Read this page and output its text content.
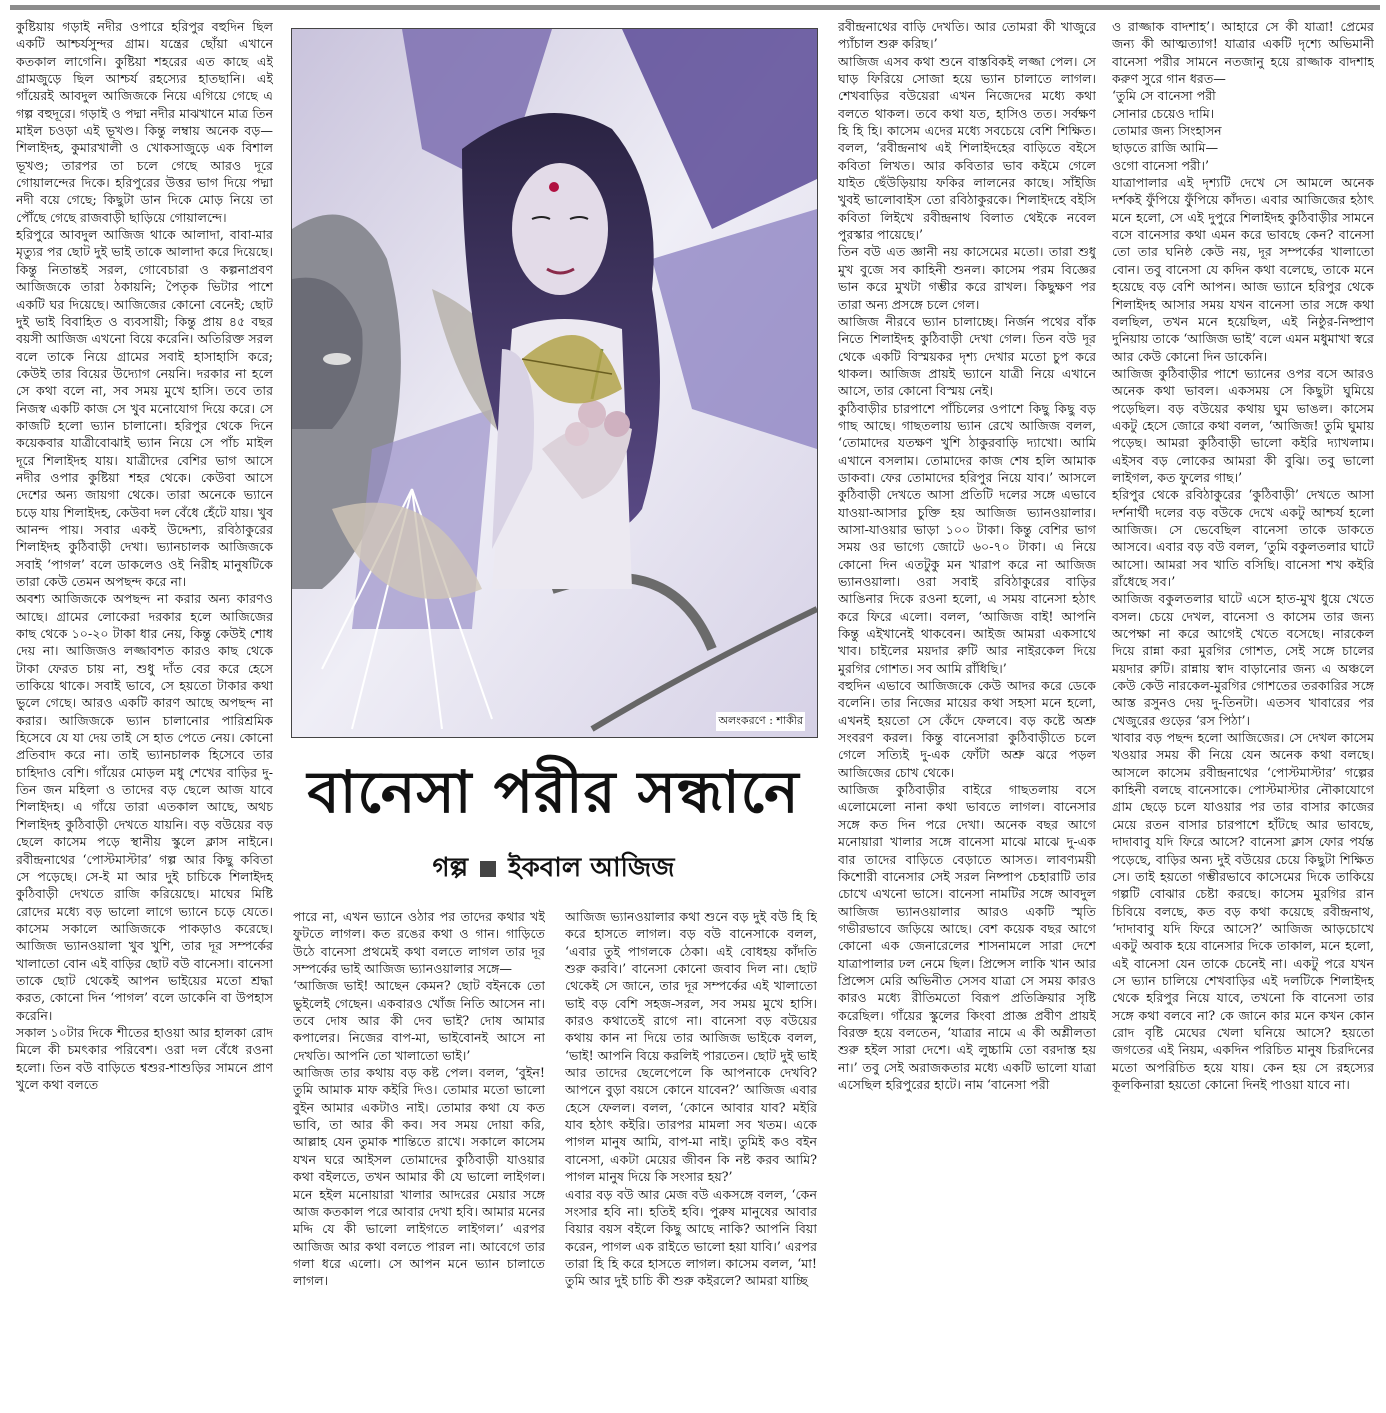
কুষ্টিয়ায় গড়াই নদীর ওপারে হরিপুর বহুদিন ছিল একটি আশ্চর্যসুন্দর গ্রাম। যন্ত্রের ছোঁয়া এখানে কতকাল লাগেনি। কুষ্টিয়া শহরের এত কাছে এই গ্রামজুড়ে ছিল আশ্চর্য রহস্যের হাতছানি। এই গাঁয়েরই আবদুল আজিজকে নিয়ে এগিয়ে গেছে এ গল্প বহুদূরে। গড়াই ও পদ্মা নদীর মাঝখানে মাত্র তিন মাইল চওড়া এই ভূখণ্ড। কিন্তু লম্বায় অনেক বড়— শিলাইদহ, কুমারখালী ও খোকসাজুড়ে এক বিশাল ভূখণ্ড; তারপর তা চলে গেছে আরও দূরে গোয়ালন্দের দিকে। হরিপুরের উত্তর ভাগ দিয়ে পদ্মা নদী বয়ে গেছে; কিছুটা ডান দিকে মোড় নিয়ে তা পৌঁছে গেছে রাজবাড়ী ছাড়িয়ে গোয়ালন্দে।

হরিপুরে আবদুল আজিজ থাকে আলাদা, বাবা-মার মৃত্যুর পর ছোট দুই ভাই তাকে আলাদা করে দিয়েছে। কিন্তু নিতান্তই সরল, গোবেচারা ও কল্পনাপ্রবণ আজিজকে তারা ঠকায়নি; পৈতৃক ভিটার পাশে একটি ঘর দিয়েছে। আজিজের কোনো বেনেই; ছোট দুই ভাই বিবাহিত ও ব্যবসায়ী; কিন্তু প্রায় ৪৫ বছর বয়সী আজিজ এখনো বিয়ে করেনি। অতিরিক্ত সরল বলে তাকে নিয়ে গ্রামের সবাই হাসাহাসি করে; কেউই তার বিয়ের উদ্যোগ নেয়নি। দরকার না হলে সে কথা বলে না, সব সময় মুখে হাসি। তবে তার নিজস্ব একটি কাজ সে খুব মনোযোগ দিয়ে করে। সে কাজটি হলো ভ্যান চালানো। হরিপুর থেকে দিনে কয়েকবার যাত্রীবোঝাই ভ্যান নিয়ে সে পাঁচ মাইল দূরে শিলাইদহ যায়। যাত্রীদের বেশির ভাগ আসে নদীর ওপার কুষ্টিয়া শহর থেকে। কেউবা আসে দেশের অন্য জায়গা থেকে। তারা অনেকে ভ্যানে চড়ে যায় শিলাইদহ, কেউবা দল বেঁধে হেঁটে যায়। খুব আনন্দ পায়। সবার একই উদ্দেশ্য, রবিঠাকুরের শিলাইদহ কুঠিবাড়ী দেখা। ভ্যানচালক আজিজকে সবাই ‘পাগল’ বলে ডাকলেও ওই নিরীহ মানুষটিকে তারা কেউ তেমন অপছন্দ করে না।

অবশ্য আজিজকে অপছন্দ না করার অন্য কারণও আছে। গ্রামের লোকেরা দরকার হলে আজিজের কাছ থেকে ১০-২০ টাকা ধার নেয়, কিন্তু কেউই শোধ দেয় না। আজিজও লজ্জাবশত কারও কাছ থেকে টাকা ফেরত চায় না, শুধু দাঁত বের করে হেসে তাকিয়ে থাকে। সবাই ভাবে, সে হয়তো টাকার কথা ভুলে গেছে। আরও একটি কারণ আছে অপছন্দ না করার। আজিজকে ভ্যান চালানোর পারিশ্রমিক হিসেবে যে যা দেয় তাই সে হাত পেতে নেয়। কোনো প্রতিবাদ করে না। তাই ভ্যানচালক হিসেবে তার চাহিদাও বেশি। গাঁয়ের মোড়ল মধু শেখের বাড়ির দু-তিন জন মহিলা ও তাদের বড় ছেলে আজ যাবে শিলাইদহ। এ গাঁয়ে তারা এতকাল আছে, অথচ শিলাইদহ কুঠিবাড়ী দেখতে যায়নি। বড় বউয়ের বড় ছেলে কাসেম পড়ে স্থানীয় স্কুলে ক্লাস নাইনে। রবীন্দ্রনাথের ‘পোস্টমাস্টার’ গল্প আর কিছু কবিতা সে পড়েছে। সে-ই মা আর দুই চাচিকে শিলাইদহ কুঠিবাড়ী দেখতে রাজি করিয়েছে। মাঘের মিষ্টি রোদের মধ্যে বড় ভালো লাগে ভ্যানে চড়ে যেতে। কাসেম সকালে আজিজকে পাকড়াও করেছে। আজিজ ভ্যানওয়ালা খুব খুশি, তার দূর সম্পর্কের খালাতো বোন এই বাড়ির ছোট বউ বানেসা। বানেসা তাকে ছোট থেকেই আপন ভাইয়ের মতো শ্রদ্ধা করত, কোনো দিন ‘পাগল’ বলে ডাকেনি বা উপহাস করেনি।

সকাল ১০টার দিকে শীতের হাওয়া আর হালকা রোদ মিলে কী চমৎকার পরিবেশ। ওরা দল বেঁধে রওনা হলো। তিন বউ বাড়িতে শ্বশুর-শাশুড়ির সামনে প্রাণ খুলে কথা বলতে

অলংকরণে : শাকীর
বানেসা পরীর সন্ধানে
গল্প ইকবাল আজিজ

পারে না, এখন ভ্যানে ওঠার পর তাদের কথার খই ফুটতে লাগল। কত রঙের কথা ও গান। গাড়িতে উঠে বানেসা প্রথমেই কথা বলতে লাগল তার দূর সম্পর্কের ভাই আজিজ ভ্যানওয়ালার সঙ্গে—

‘আজিজ ভাই! আছেন কেমন? ছোট বইনকে তো ভুইলেই গেছেন। একবারও খোঁজ নিতি আসেন না। তবে দোষ আর কী দেব ভাই? দোষ আমার কপালের। নিজের বাপ-মা, ভাইবোনই আসে না দেখতি। আপনি তো খালাতো ভাই।’

আজিজ তার কথায় বড় কষ্ট পেল। বলল, ‘বুইন! তুমি আমাক মাফ কইরি দিও। তোমার মতো ভালো বুইন আমার একটাও নাই। তোমার কথা যে কত ভাবি, তা আর কী কব। সব সময় দোয়া করি, আল্লাহ যেন তুমাক শান্তিতে রাখে। সকালে কাসেম যখন ঘরে আইসল তোমাদের কুঠিবাড়ী যাওয়ার কথা বইলতে, তখন আমার কী যে ভালো লাইগল। মনে হইল মনোয়ারা খালার আদরের মেয়ার সঙ্গে আজ কতকাল পরে আবার দেখা হবি। আমার মনের মদ্দি যে কী ভালো লাইগতে লাইগল।’ এরপর আজিজ আর কথা বলতে পারল না। আবেগে তার গলা ধরে এলো। সে আপন মনে ভ্যান চালাতে লাগল।

আজিজ ভ্যানওয়ালার কথা শুনে বড় দুই বউ হি হি করে হাসতে লাগল। বড় বউ বানেসাকে বলল, ‘এবার তুই পাগলকে ঠেকা। এই বোধহয় কাঁদতি শুরু করবি।’ বানেসা কোনো জবাব দিল না। ছোট থেকেই সে জানে, তার দূর সম্পর্কের এই খালাতো ভাই বড় বেশি সহজ-সরল, সব সময় মুখে হাসি। কারও কথাতেই রাগে না। বানেসা বড় বউয়ের কথায় কান না দিয়ে তার আজিজ ভাইকে বলল, ‘ভাই! আপনি বিয়ে করলিই পারতেন। ছোট দুই ভাই আর তাদের ছেলেপেলে কি আপনাকে দেখবি? আপনে বুড়া বয়সে কোনে যাবেন?’ আজিজ এবার হেসে ফেলল। বলল, ‘কোনে আবার যাব? মইরি যাব হঠাৎ কইরি। তারপর মামলা সব খতম। একে পাগল মানুষ আমি, বাপ-মা নাই। তুমিই কও বইন বানেসা, একটা মেয়ের জীবন কি নষ্ট করব আমি? পাগল মানুষ দিয়ে কি সংসার হয়?’

এবার বড় বউ আর মেজ বউ একসঙ্গে বলল, ‘কেন সংসার হবি না। হতিই হবি। পুরুষ মানুষের আবার বিয়ার বয়স বইলে কিছু আছে নাকি? আপনি বিয়া করেন, পাগল এক রাইতে ভালো হয়া যাবি।’ এরপর তারা হি হি করে হাসতে লাগল। কাসেম বলল, ‘মা! তুমি আর দুই চাচি কী শুরু কইরলে? আমরা যাচ্ছি

রবীন্দ্রনাথের বাড়ি দেখতি। আর তোমরা কী খাজুরে প্যাঁচাল শুরু করিছ।’

আজিজ এসব কথা শুনে বাস্তবিকই লজ্জা পেল। সে ঘাড় ফিরিয়ে সোজা হয়ে ভ্যান চালাতে লাগল। শেখবাড়ির বউয়েরা এখন নিজেদের মধ্যে কথা বলতে থাকল। তবে কথা যত, হাসিও তত। সর্বক্ষণ হি হি হি। কাসেম এদের মধ্যে সবচেয়ে বেশি শিক্ষিত। বলল, ‘রবীন্দ্রনাথ এই শিলাইদহের বাড়িতে বইসে কবিতা লিখত। আর কবিতার ভাব কইমে গেলে যাইত ছেঁউড়িয়ায় ফকির লালনের কাছে। সাঁইজি খুবই ভালোবাইস তো রবিঠাকুরকে। শিলাইদহে বইসি কবিতা লিইখে রবীন্দ্রনাথ বিলাত থেইকে নবেল পুরস্কার পায়েছে।’

তিন বউ এত জ্ঞানী নয় কাসেমের মতো। তারা শুধু মুখ বুজে সব কাহিনী শুনল। কাসেম পরম বিজ্ঞের ভান করে মুখটা গম্ভীর করে রাখল। কিছুক্ষণ পর তারা অন্য প্রসঙ্গে চলে গেল।

আজিজ নীরবে ভ্যান চালাচ্ছে। নির্জন পথের বাঁক নিতে শিলাইদহ কুঠিবাড়ী দেখা গেল। তিন বউ দূর থেকে একটি বিস্ময়কর দৃশ্য দেখার মতো চুপ করে থাকল। আজিজ প্রায়ই ভ্যানে যাত্রী নিয়ে এখানে আসে, তার কোনো বিস্ময় নেই।

কুঠিবাড়ীর চারপাশে পাঁচিলের ওপাশে কিছু কিছু বড় গাছ আছে। গাছতলায় ভ্যান রেখে আজিজ বলল, ‘তোমাদের যতক্ষণ খুশি ঠাকুরবাড়ি দ্যাখো। আমি এখানে বসলাম। তোমাদের কাজ শেষ হলি আমাক ডাকবা। ফের তোমাদের হরিপুর নিয়ে যাব।’ আসলে কুঠিবাড়ী দেখতে আসা প্রতিটি দলের সঙ্গে এভাবে যাওয়া-আসার চুক্তি হয় আজিজ ভ্যানওয়ালার। আসা-যাওয়ার ভাড়া ১০০ টাকা। কিন্তু বেশির ভাগ সময় ওর ভাগ্যে জোটে ৬০-৭০ টাকা। এ নিয়ে কোনো দিন এতটুকু মন খারাপ করে না আজিজ ভ্যানওয়ালা। ওরা সবাই রবিঠাকুরের বাড়ির আঙিনার দিকে রওনা হলো, এ সময় বানেসা হঠাৎ করে ফিরে এলো। বলল, ‘আজিজ বাই! আপনি কিন্তু এইখানেই থাকবেন। আইজ আমরা একসাথে খাব। চাইলের ময়দার রুটি আর নাইরকেল দিয়ে মুরগির গোশত। সব আমি রাঁধিছি।’

বহুদিন এভাবে আজিজকে কেউ আদর করে ডেকে বলেনি। তার নিজের মায়ের কথা সহসা মনে হলো, এখনই হয়তো সে কেঁদে ফেলবে। বড় কষ্টে অশ্রু সংবরণ করল। কিন্তু বানেসারা কুঠিবাড়ীতে চলে গেলে সত্যিই দু-এক ফোঁটা অশ্রু ঝরে পড়ল আজিজের চোখ থেকে।

আজিজ কুঠিবাড়ীর বাইরে গাছতলায় বসে এলোমেলো নানা কথা ভাবতে লাগল। বানেসার সঙ্গে কত দিন পরে দেখা। অনেক বছর আগে মনোয়ারা খালার সঙ্গে বানেসা মাঝে মাঝে দু-এক বার তাদের বাড়িতে বেড়াতে আসত। লাবণ্যময়ী কিশোরী বানেসার সেই সরল নিষ্পাপ চেহারাটি তার চোখে এখনো ভাসে। বানেসা নামটির সঙ্গে আবদুল আজিজ ভ্যানওয়ালার আরও একটি স্মৃতি গভীরভাবে জড়িয়ে আছে। বেশ কয়েক বছর আগে কোনো এক জেনারেলের শাসনামলে সারা দেশে যাত্রাপালার ঢল নেমে ছিল। প্রিন্সেস লাকি খান আর প্রিন্সেস মেরি অভিনীত সেসব যাত্রা সে সময় কারও কারও মধ্যে রীতিমতো বিরূপ প্রতিক্রিয়ার সৃষ্টি করেছিল। গাঁয়ের স্কুলের কিংবা প্রাজ্ঞ প্রবীণ প্রায়ই বিরক্ত হয়ে বলতেন, ‘যাত্রার নামে এ কী অশ্লীলতা শুরু হইল সারা দেশে। এই লুচ্চামি তো বরদাস্ত হয় না।’ তবু সেই অরাজকতার মধ্যে একটি ভালো যাত্রা এসেছিল হরিপুরের হাটে। নাম ‘বানেসা পরী

ও রাজ্জাক বাদশাহ’। আহারে সে কী যাত্রা! প্রেমের জন্য কী আত্মত্যাগ! যাত্রার একটি দৃশ্যে অভিমানী বানেসা পরীর সামনে নতজানু হয়ে রাজ্জাক বাদশাহ করুণ সুরে গান ধরত—

‘তুমি সে বানেসা পরী

সোনার চেয়েও দামি।

তোমার জন্য সিংহাসন

ছাড়তে রাজি আমি—

ওগো বানেসা পরী।’

যাত্রাপালার এই দৃশ্যটি দেখে সে আমলে অনেক দর্শকই ফুঁপিয়ে ফুঁপিয়ে কাঁদত। এবার আজিজের হঠাৎ মনে হলো, সে এই দুপুরে শিলাইদহ কুঠিবাড়ীর সামনে বসে বানেসার কথা এমন করে ভাবছে কেন? বানেসা তো তার ঘনিষ্ঠ কেউ নয়, দূর সম্পর্কের খালাতো বোন। তবু বানেসা যে কদিন কথা বলেছে, তাকে মনে হয়েছে বড় বেশি আপন। আজ ভ্যানে হরিপুর থেকে শিলাইদহ আসার সময় যখন বানেসা তার সঙ্গে কথা বলছিল, তখন মনে হয়েছিল, এই নিষ্ঠুর-নিষ্প্রাণ দুনিয়ায় তাকে ‘আজিজ ভাই’ বলে এমন মধুমাখা স্বরে আর কেউ কোনো দিন ডাকেনি।

আজিজ কুঠিবাড়ীর পাশে ভ্যানের ওপর বসে আরও অনেক কথা ভাবল। একসময় সে কিছুটা ঘুমিয়ে পড়েছিল। বড় বউয়ের কথায় ঘুম ভাঙল। কাসেম একটু হেসে জোরে কথা বলল, ‘আজিজ! তুমি ঘুমায় পড়েছ। আমরা কুঠিবাড়ী ভালো কইরি দ্যাখলাম। এইসব বড় লোকের আমরা কী বুঝি। তবু ভালো লাইগল, কত ফুলের গাছ।’

হরিপুর থেকে রবিঠাকুরের ‘কুঠিবাড়ী’ দেখতে আসা দর্শনার্থী দলের বড় বউকে দেখে একটু আশ্চর্য হলো আজিজ। সে ভেবেছিল বানেসা তাকে ডাকতে আসবে। এবার বড় বউ বলল, ‘তুমি বকুলতলার ঘাটে আসো। আমরা সব খাতি বসিছি। বানেসা শখ কইরি রাঁধেছে সব।’

আজিজ বকুলতলার ঘাটে এসে হাত-মুখ ধুয়ে খেতে বসল। চেয়ে দেখল, বানেসা ও কাসেম তার জন্য অপেক্ষা না করে আগেই খেতে বসেছে। নারকেল দিয়ে রান্না করা মুরগির গোশত, সেই সঙ্গে চালের ময়দার রুটি। রান্নায় স্বাদ বাড়ানোর জন্য এ অঞ্চলে কেউ কেউ নারকেল-মুরগির গোশতের তরকারির সঙ্গে আস্ত রসুনও দেয় দু-তিনটা। এতসব খাবারের পর খেজুরের গুড়ের ‘রস পিঠা’।

খাবার বড় পছন্দ হলো আজিজের। সে দেখল কাসেম খওয়ার সময় কী নিয়ে যেন অনেক কথা বলছে। আসলে কাসেম রবীন্দ্রনাথের ‘পোস্টমাস্টার’ গল্পের কাহিনী বলছে বানেসাকে। পোস্টমাস্টার নৌকাযোগে গ্রাম ছেড়ে চলে যাওয়ার পর তার বাসার কাজের মেয়ে রতন বাসার চারপাশে হাঁটছে আর ভাবছে, দাদাবাবু যদি ফিরে আসে? বানেসা ক্লাস ফোর পর্যন্ত পড়েছে, বাড়ির অন্য দুই বউয়ের চেয়ে কিছুটা শিক্ষিত সে। তাই হয়তো গম্ভীরভাবে কাসেমের দিকে তাকিয়ে গল্পটি বোঝার চেষ্টা করছে। কাসেম মুরগির রান চিবিয়ে বলছে, কত বড় কথা কয়েছে রবীন্দ্রনাথ, ‘দাদাবাবু যদি ফিরে আসে?’ আজিজ আড়চোখে একটু অবাক হয়ে বানেসার দিকে তাকাল, মনে হলো, এই বানেসা যেন তাকে চেনেই না। একটু পরে যখন সে ভ্যান চালিয়ে শেখবাড়ির এই দলটিকে শিলাইদহ থেকে হরিপুর নিয়ে যাবে, তখনো কি বানেসা তার সঙ্গে কথা বলবে না? কে জানে কার মনে কখন কোন রোদ বৃষ্টি মেঘের খেলা ঘনিয়ে আসে? হয়তো জগতের এই নিয়ম, একদিন পরিচিত মানুষ চিরদিনের মতো অপরিচিত হয়ে যায়। কেন হয় সে রহস্যের কূলকিনারা হয়তো কোনো দিনই পাওয়া যাবে না।
